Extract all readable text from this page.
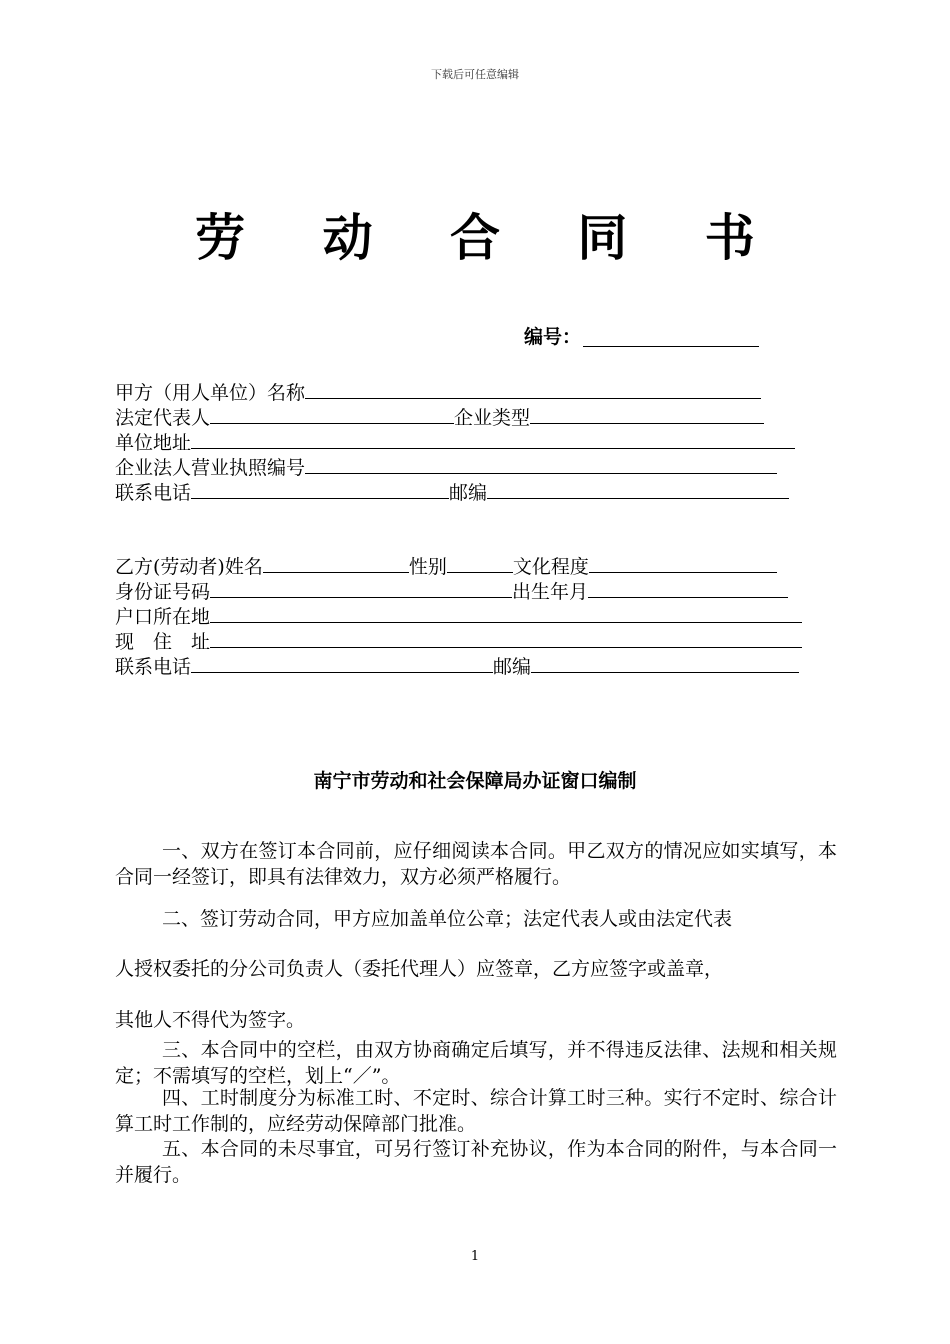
下载后可任意编辑
劳 动 合 同 书
编号：
甲方（用人单位）名称
法定代表人	企业类型
单位地址
企业法人营业执照编号
联系电话	邮编
乙方(劳动者)姓名	性别	文化程度
身份证号码	出生年月
户口所在地
现　住　址
联系电话	邮编
南宁市劳动和社会保障局办证窗口编制
一、双方在签订本合同前，应仔细阅读本合同。甲乙双方的情况应如实填写，本合同一经签订，即具有法律效力，双方必须严格履行。
二、签订劳动合同，甲方应加盖单位公章；法定代表人或由法定代表
人授权委托的分公司负责人（委托代理人）应签章，乙方应签字或盖章，
其他人不得代为签字。
三、本合同中的空栏，由双方协商确定后填写，并不得违反法律、法规和相关规定；不需填写的空栏，划上“／”。
四、工时制度分为标准工时、不定时、综合计算工时三种。实行不定时、综合计算工时工作制的，应经劳动保障部门批准。
五、本合同的未尽事宜，可另行签订补充协议，作为本合同的附件，与本合同一并履行。
1
